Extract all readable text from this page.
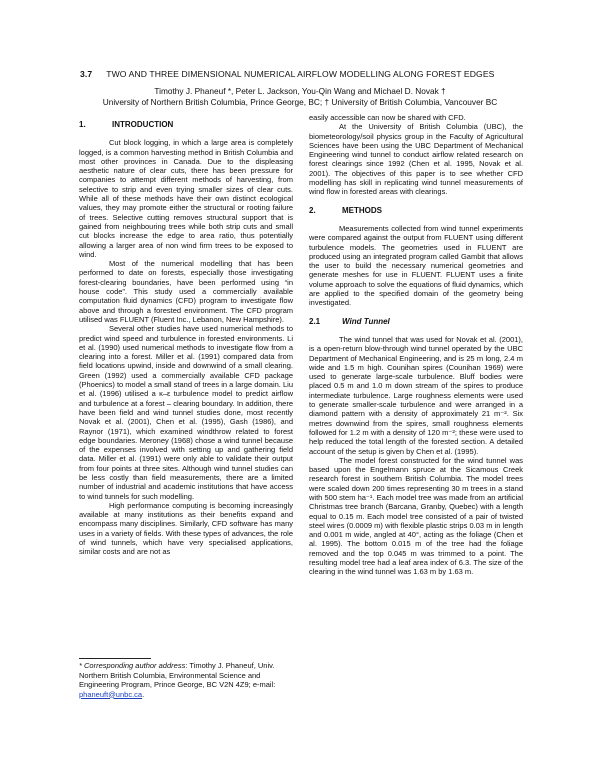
3.7 TWO AND THREE DIMENSIONAL NUMERICAL AIRFLOW MODELLING ALONG FOREST EDGES
Timothy J. Phaneuf *, Peter L. Jackson, You-Qin Wang and Michael D. Novak †
University of Northern British Columbia, Prince George, BC; † University of British Columbia, Vancouver BC
1.	INTRODUCTION

Cut block logging, in which a large area is completely logged, is a common harvesting method in British Columbia and most other provinces in Canada. Due to the displeasing aesthetic nature of clear cuts, there has been pressure for companies to attempt different methods of harvesting, from selective to strip and even trying smaller sizes of clear cuts. While all of these methods have their own distinct ecological values, they may promote either the structural or rooting failure of trees. Selective cutting removes structural support that is gained from neighbouring trees while both strip cuts and small cut blocks increase the edge to area ratio, thus potentially allowing a larger area of non wind firm trees to be exposed to wind.

Most of the numerical modelling that has been performed to date on forests, especially those investigating forest-clearing boundaries, have been performed using “in house code”. This study used a commercially available computation fluid dynamics (CFD) program to investigate flow above and through a forested environment. The CFD program utilised was FLUENT (Fluent Inc., Lebanon, New Hampshire).

Several other studies have used numerical methods to predict wind speed and turbulence in forested environments. Li et al. (1990) used numerical methods to investigate flow from a clearing into a forest. Miller et al. (1991) compared data from field locations upwind, inside and downwind of a small clearing. Green (1992) used a commercially available CFD package (Phoenics) to model a small stand of trees in a large domain. Liu et al. (1996) utilised a κ–ε turbulence model to predict airflow and turbulence at a forest – clearing boundary. In addition, there have been field and wind tunnel studies done, most recently Novak et al. (2001), Chen et al. (1995), Gash (1986), and Raynor (1971), which examined windthrow related to forest edge boundaries. Meroney (1968) chose a wind tunnel because of the expenses involved with setting up and gathering field data. Miller et al. (1991) were only able to validate their output from four points at three sites. Although wind tunnel studies can be less costly than field measurements, there are a limited number of industrial and academic institutions that have access to wind tunnels for such modelling.

High performance computing is becoming increasingly available at many institutions as their benefits expand and encompass many disciplines. Similarly, CFD software has many uses in a variety of fields. With these types of advances, the role of wind tunnels, which have very specialised applications, similar costs and are not as

easily accessible can now be shared with CFD.

At the University of British Columbia (UBC), the biometeorology/soil physics group in the Faculty of Agricultural Sciences have been using the UBC Department of Mechanical Engineering wind tunnel to conduct airflow related research on forest clearings since 1992 (Chen et al. 1995, Novak et al. 2001). The objectives of this paper is to see whether CFD modelling has skill in replicating wind tunnel measurements of wind flow in forested areas with clearings.

2.	METHODS

Measurements collected from wind tunnel experiments were compared against the output from FLUENT using different turbulence models. The geometries used in FLUENT are produced using an integrated program called Gambit that allows the user to build the necessary numerical geometries and generate meshes for use in FLUENT. FLUENT uses a finite volume approach to solve the equations of fluid dynamics, which are applied to the specified domain of the geometry being investigated.

2.1	Wind Tunnel

The wind tunnel that was used for Novak et al. (2001), is a open-return blow-through wind tunnel operated by the UBC Department of Mechanical Engineering, and is 25 m long, 2.4 m wide and 1.5 m high. Counihan spires (Counihan 1969) were used to generate large-scale turbulence. Bluff bodies were placed 0.5 m and 1.0 m down stream of the spires to produce intermediate turbulence. Large roughness elements were used to generate smaller-scale turbulence and were arranged in a diamond pattern with a density of approximately 21 m⁻². Six metres downwind from the spires, small roughness elements followed for 1.2 m with a density of 120 m⁻²; these were used to help reduced the total length of the forested section. A detailed account of the setup is given by Chen et al. (1995).

The model forest constructed for the wind tunnel was based upon the Engelmann spruce at the Sicamous Creek research forest in southern British Columbia. The model trees were scaled down 200 times representing 30 m trees in a stand with 500 stem ha⁻¹. Each model tree was made from an artificial Christmas tree branch (Barcana, Granby, Quebec) with a length equal to 0.15 m. Each model tree consisted of a pair of twisted steel wires (0.0009 m) with flexible plastic strips 0.03 m in length and 0.001 m wide, angled at 40°, acting as the foliage (Chen et al. 1995). The bottom 0.015 m of the tree had the foliage removed and the top 0.045 m was trimmed to a point. The resulting model tree had a leaf area index of 6.3. The size of the clearing in the wind tunnel was 1.63 m by 1.63 m.

* Corresponding author address: Timothy J. Phaneuf, Univ. Northern British Columbia, Environmental Science and Engineering Program, Prince George, BC V2N 4Z9; e-mail: phaneuft@unbc.ca.
